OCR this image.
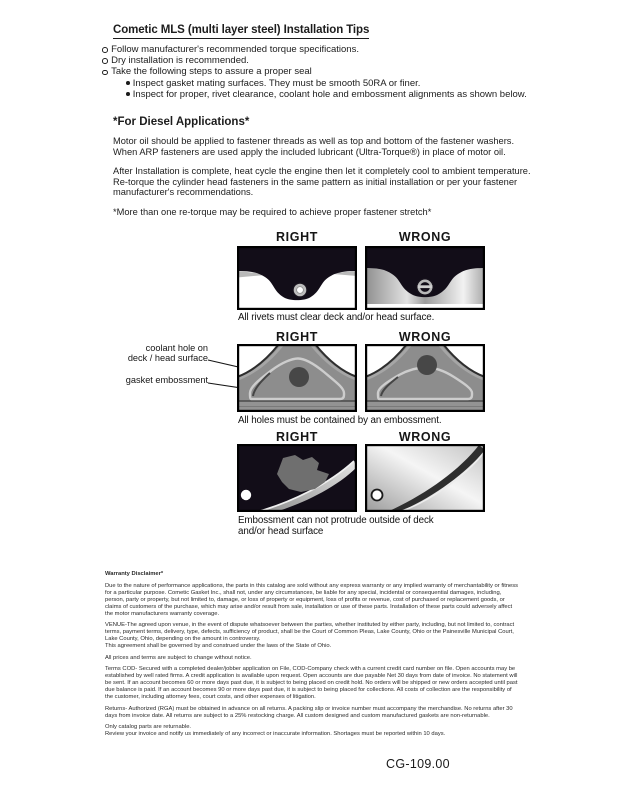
Cometic MLS (multi layer steel) Installation Tips
Follow manufacturer's recommended torque specifications.
Dry installation is recommended.
Take the following steps to assure a proper seal
Inspect gasket mating surfaces. They must be smooth 50RA or finer.
Inspect for proper, rivet clearance, coolant hole and embossment alignments as shown below.
*For Diesel Applications*

Motor oil should be applied to fastener threads as well as top and bottom of the fastener washers. When ARP fasteners are used apply the included lubricant (Ultra-Torque®) in place of motor oil.

After Installation is complete, heat cycle the engine then let it completely cool to ambient temperature. Re-torque the cylinder head fasteners in the same pattern as initial installation or per your fastener manufacturer's recommendations.

*More than one re-torque may be required to achieve proper fastener stretch*

RIGHT	WRONG
All rivets must clear deck and/or head surface.
RIGHT	WRONG
coolant hole on
deck / head surface
gasket embossment
All holes must be contained by an embossment.
RIGHT	WRONG
Embossment can not protrude outside of deck
and/or head surface

Warranty Disclaimer*

Due to the nature of performance applications, the parts in this catalog are sold without any express warranty or any implied warranty of merchantability or fitness for a particular purpose. Cometic Gasket Inc., shall not, under any circumstances, be liable for any special, incidental or consequential damages, including, person, party or property, but not limited to, damage, or loss of property or equipment, loss of profits or revenue, cost of purchased or replacement goods, or claims of customers of the purchase, which may arise and/or result from sale, installation or use of these parts. Installation of these parts could adversely affect the motor manufacturers warranty coverage.

VENUE-The agreed upon venue, in the event of dispute whatsoever between the parties, whether instituted by either party, including, but not limited to, contract terms, payment terms, delivery, type, defects, sufficiency of product, shall be the Court of Common Pleas, Lake County, Ohio or the Painesville Municipal Court, Lake County, Ohio, depending on the amount in controversy.

This agreement shall be governed by and construed under the laws of the State of Ohio.

All prices and terms are subject to change without notice.

Terms COD- Secured with a completed dealer/jobber application on File, COD-Company check with a current credit card number on file. Open accounts may be established by well rated firms. A credit application is available upon request. Open accounts are due payable Net 30 days from date of invoice. No statement will be sent. If an account becomes 60 or more days past due, it is subject to being placed on credit hold. No orders will be shipped or new orders accepted until past due balance is paid. If an account becomes 90 or more days past due, it is subject to being placed for collections. All costs of collection are the responsibility of the customer, including attorney fees, court costs, and other expenses of litigation.

Returns- Authorized (RGA) must be obtained in advance on all returns. A packing slip or invoice number must accompany the merchandise. No returns after 30 days from invoice date. All returns are subject to a 25% restocking charge. All custom designed and custom manufactured gaskets are non-returnable.

Only catalog parts are returnable.

Review your invoice and notify us immediately of any incorrect or inaccurate information. Shortages must be reported within 10 days.

CG-109.00
